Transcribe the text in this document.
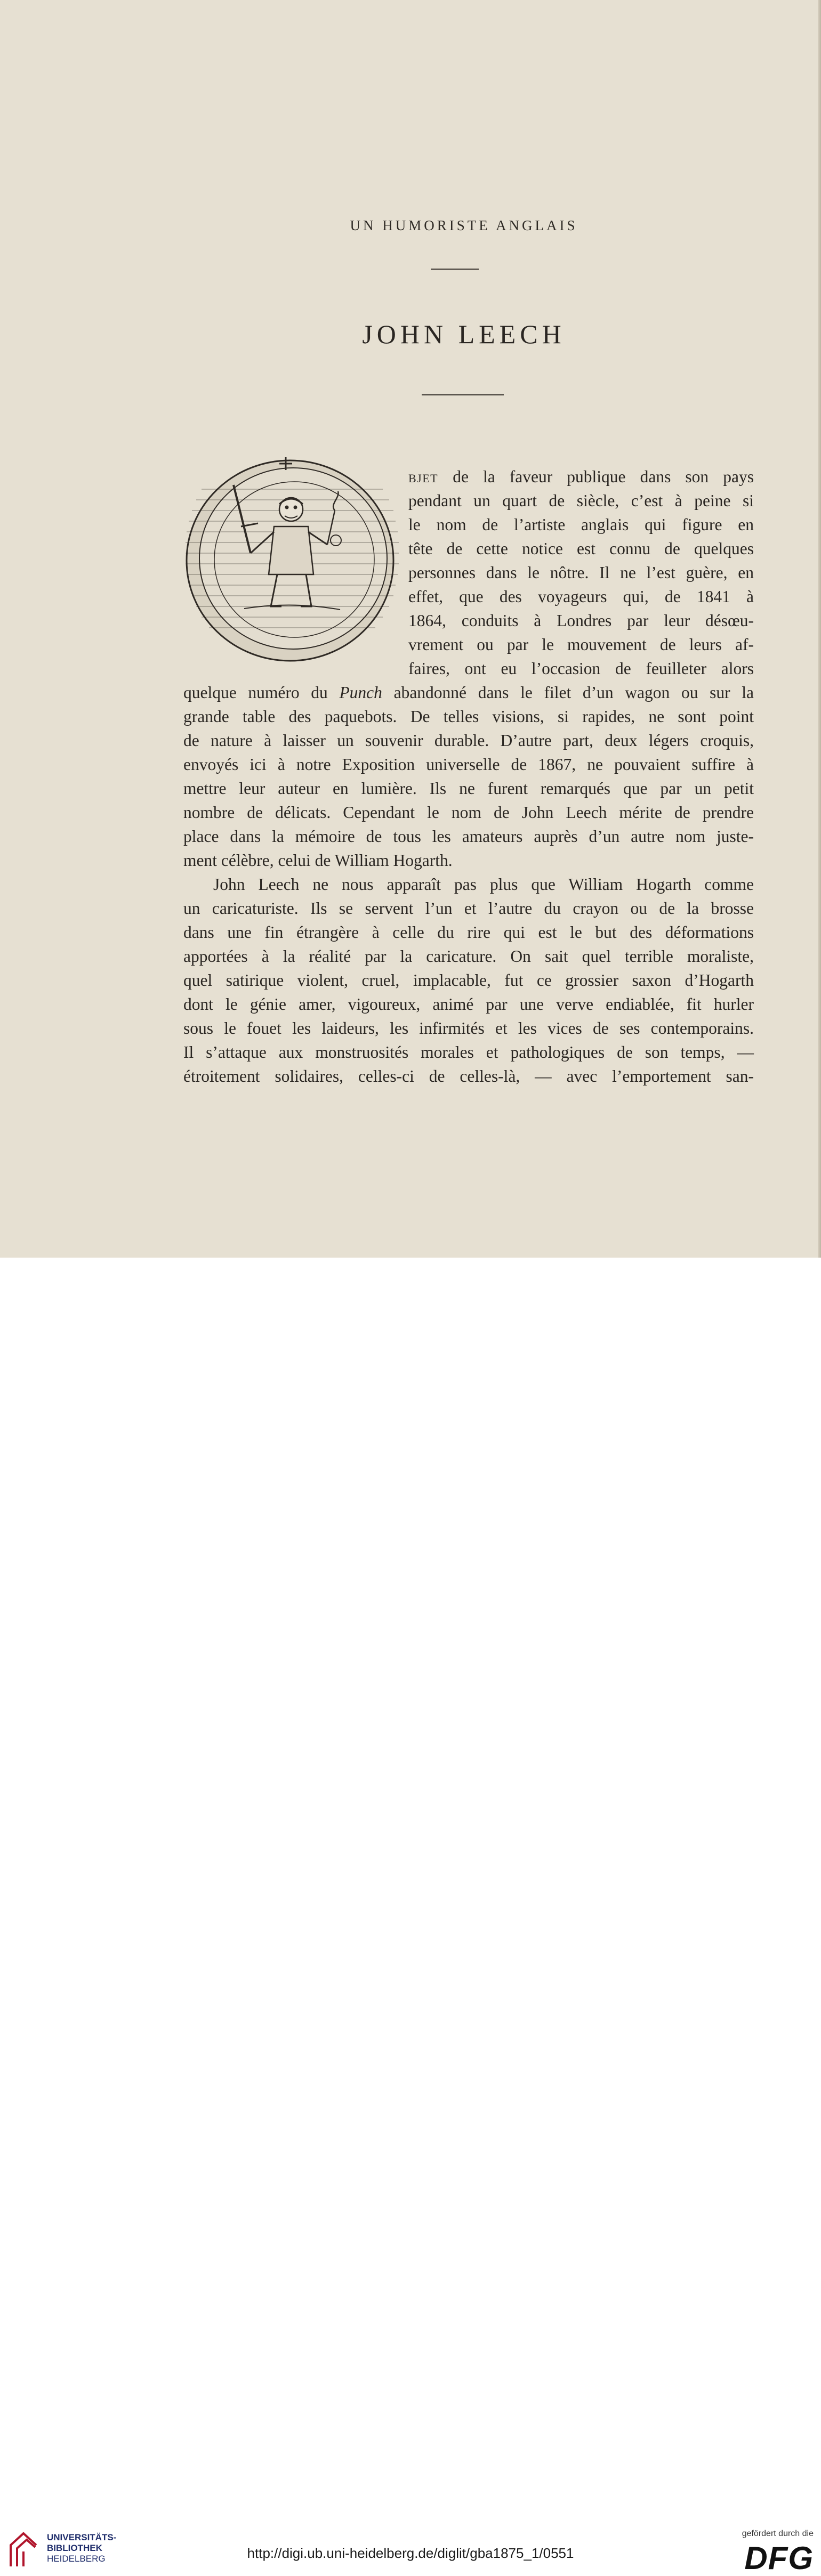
UN HUMORISTE ANGLAIS
JOHN LEECH
BJET de la faveur publique dans son pays
pendant un quart de siècle, c’est à peine si
le nom de l’artiste anglais qui figure en
tête de cette notice est connu de quelques
personnes dans le nôtre. Il ne l’est guère, en
effet, que des voyageurs qui, de 1841 à
1864, conduits à Londres par leur désœu-
vrement ou par le mouvement de leurs af-
faires, ont eu l’occasion de feuilleter alors
quelque numéro du Punch abandonné dans le filet d’un wagon ou sur la
grande table des paquebots. De telles visions, si rapides, ne sont point
de nature à laisser un souvenir durable. D’autre part, deux légers croquis,
envoyés ici à notre Exposition universelle de 1867, ne pouvaient suffire à
mettre leur auteur en lumière. Ils ne furent remarqués que par un petit
nombre de délicats. Cependant le nom de John Leech mérite de prendre
place dans la mémoire de tous les amateurs auprès d’un autre nom juste-
ment célèbre, celui de William Hogarth.
John Leech ne nous apparaît pas plus que William Hogarth comme
un caricaturiste. Ils se servent l’un et l’autre du crayon ou de la brosse
dans une fin étrangère à celle du rire qui est le but des déformations
apportées à la réalité par la caricature. On sait quel terrible moraliste,
quel satirique violent, cruel, implacable, fut ce grossier saxon d’Hogarth
dont le génie amer, vigoureux, animé par une verve endiablée, fit hurler
sous le fouet les laideurs, les infirmités et les vices de ses contemporains.
Il s’attaque aux monstruosités morales et pathologiques de son temps, —
étroitement solidaires, celles-ci de celles-là, — avec l’emportement san-
UNIVERSITÄTS-
BIBLIOTHEK
HEIDELBERG	http://digi.ub.uni-heidelberg.de/diglit/gba1875_1/0551
gefördert durch die
DFG
